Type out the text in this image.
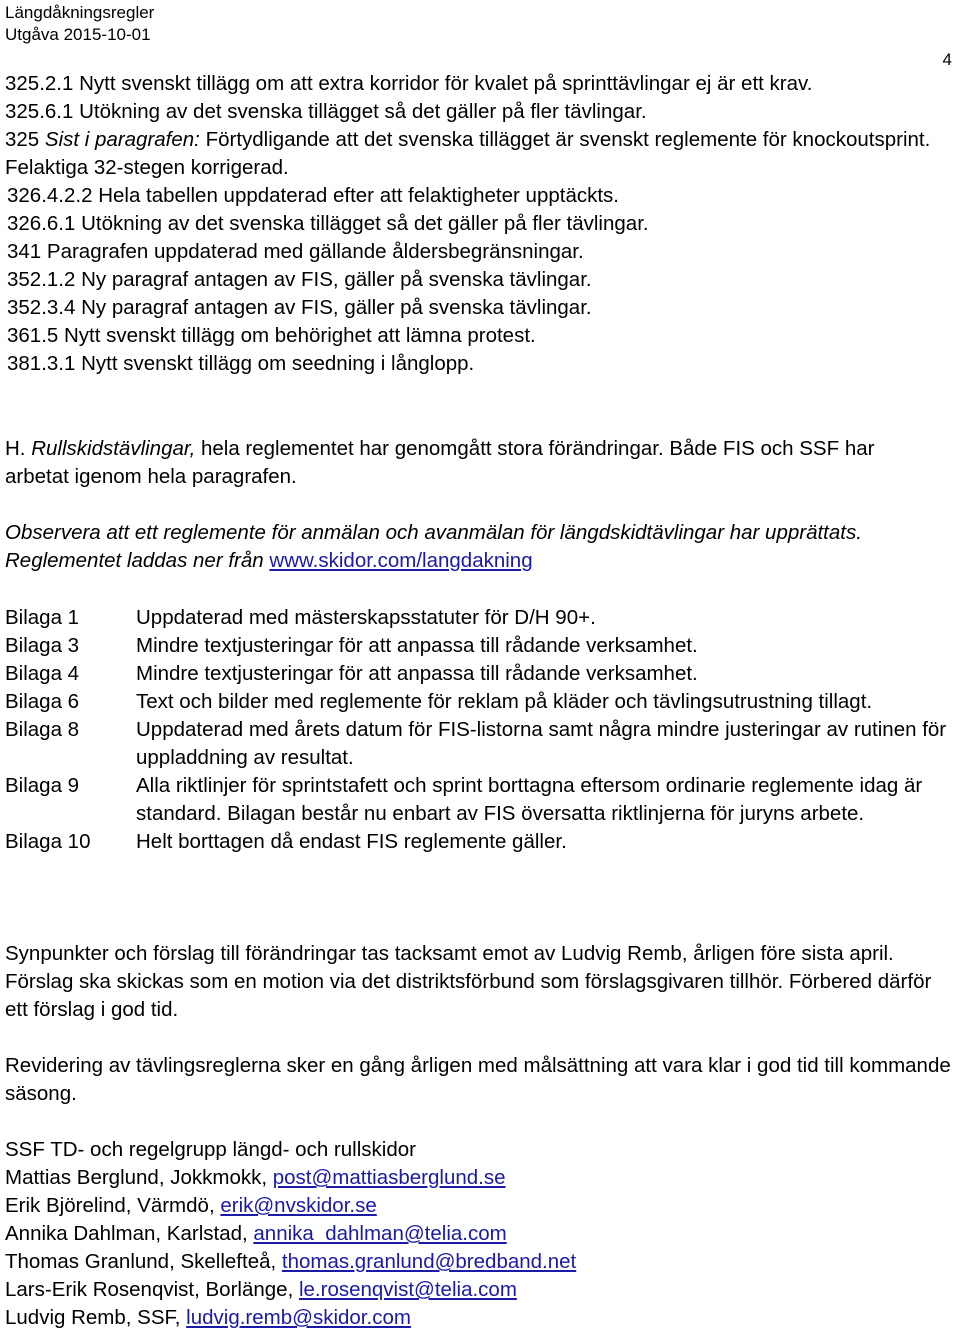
Längdåkningsregler
Utgåva 2015-10-01
4
325.2.1 Nytt svenskt tillägg om att extra korridor för kvalet på sprinttävlingar ej är ett krav.
325.6.1 Utökning av det svenska tillägget så det gäller på fler tävlingar.
325 Sist i paragrafen: Förtydligande att det svenska tillägget är svenskt reglemente för knockoutsprint. Felaktiga 32-stegen korrigerad.
326.4.2.2 Hela tabellen uppdaterad efter att felaktigheter upptäckts.
326.6.1 Utökning av det svenska tillägget så det gäller på fler tävlingar.
341 Paragrafen uppdaterad med gällande åldersbegränsningar.
352.1.2 Ny paragraf antagen av FIS, gäller på svenska tävlingar.
352.3.4 Ny paragraf antagen av FIS, gäller på svenska tävlingar.
361.5 Nytt svenskt tillägg om behörighet att lämna protest.
381.3.1 Nytt svenskt tillägg om seedning i långlopp.
H. Rullskidstävlingar, hela reglementet har genomgått stora förändringar. Både FIS och SSF har arbetat igenom hela paragrafen.
Observera att ett reglemente för anmälan och avanmälan för längdskidtävlingar har upprättats. Reglementet laddas ner från www.skidor.com/langdakning
Bilaga 1	Uppdaterad med mästerskapsstatuter för D/H 90+.
Bilaga 3	Mindre textjusteringar för att anpassa till rådande verksamhet.
Bilaga 4	Mindre textjusteringar för att anpassa till rådande verksamhet.
Bilaga 6	Text och bilder med reglemente för reklam på kläder och tävlingsutrustning tillagt.
Bilaga 8	Uppdaterad med årets datum för FIS-listorna samt några mindre justeringar av rutinen för uppladdning av resultat.
Bilaga 9	Alla riktlinjer för sprintstafett och sprint borttagna eftersom ordinarie reglemente idag är standard. Bilagan består nu enbart av FIS översatta riktlinjerna för juryns arbete.
Bilaga 10	Helt borttagen då endast FIS reglemente gäller.
Synpunkter och förslag till förändringar tas tacksamt emot av Ludvig Remb, årligen före sista april. Förslag ska skickas som en motion via det distriktsförbund som förslagsgivaren tillhör. Förbered därför ett förslag i god tid.
Revidering av tävlingsreglerna sker en gång årligen med målsättning att vara klar i god tid till kommande säsong.
SSF TD- och regelgrupp längd- och rullskidor
Mattias Berglund, Jokkmokk, post@mattiasberglund.se
Erik Björelind, Värmdö, erik@nvskidor.se
Annika Dahlman, Karlstad, annika_dahlman@telia.com
Thomas Granlund, Skellefteå, thomas.granlund@bredband.net
Lars-Erik Rosenqvist, Borlänge, le.rosenqvist@telia.com
Ludvig Remb, SSF, ludvig.remb@skidor.com
